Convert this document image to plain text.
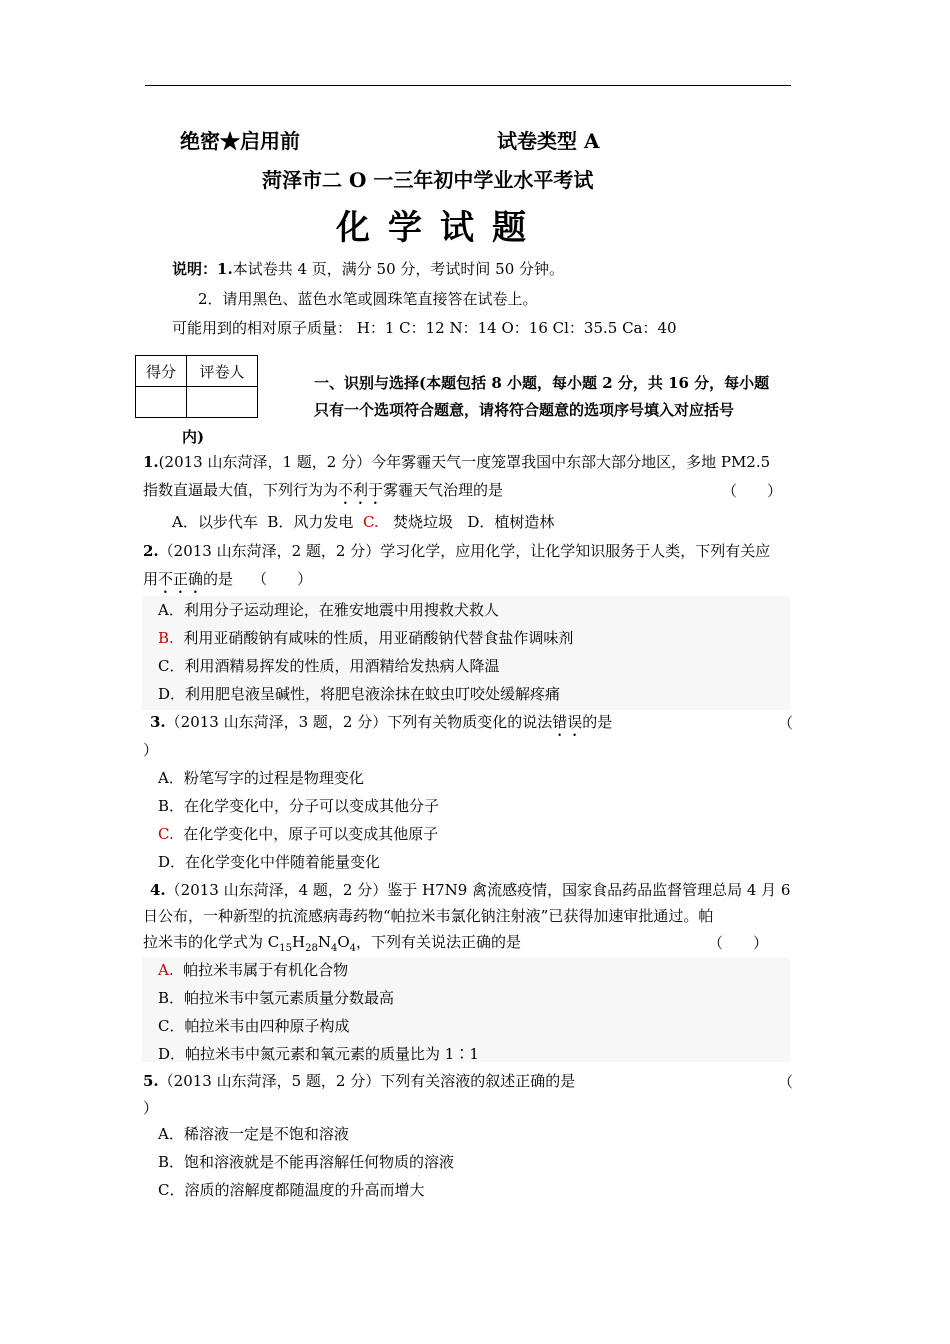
绝密★启用前	试卷类型 A
菏泽市二 O 一三年初中学业水平考试
化学试题
说明：1.本试卷共 4 页，满分 50 分，考试时间 50 分钟。
2．请用黑色、蓝色水笔或圆珠笔直接答在试卷上。
可能用到的相对原子质量： H：1 C：12 N：14 O：16 Cl：35.5 Ca：40
得分	评卷人

一、识别与选择(本题包括 8 小题，每小题 2 分，共 16 分，每小题
只有一个选项符合题意，请将符合题意的选项序号填入对应括号
内)
1.(2013 山东菏泽，1 题，2 分）今年雾霾天气一度笼罩我国中东部大部分地区，多地 PM2.5
指数直逼最大值，下列行为为不利于雾霾天气治理的是	（　　）
A．以步代车 B．风力发电 C. 焚烧垃圾 D．植树造林
2.（2013 山东菏泽，2 题，2 分）学习化学，应用化学，让化学知识服务于人类，下列有关应
用不正确的是 （　　）
A．利用分子运动理论，在雅安地震中用搜救犬救人
B. 利用亚硝酸钠有咸味的性质，用亚硝酸钠代替食盐作调味剂
C．利用酒精易挥发的性质，用酒精给发热病人降温
D．利用肥皂液呈碱性，将肥皂液涂抹在蚊虫叮咬处缓解疼痛
3.（2013 山东菏泽，3 题，2 分）下列有关物质变化的说法错误的是	（
）
A．粉笔写字的过程是物理变化
B．在化学变化中，分子可以变成其他分子
C. 在化学变化中，原子可以变成其他原子
D．在化学变化中伴随着能量变化
4.（2013 山东菏泽，4 题，2 分）鉴于 H7N9 禽流感疫情，国家食品药品监督管理总局 4 月 6
日公布，一种新型的抗流感病毒药物“帕拉米韦氯化钠注射液”已获得加速审批通过。帕
拉米韦的化学式为 $C_{15}H_{28}N_4O_4$，下列有关说法正确的是	（　　）
A. 帕拉米韦属于有机化合物
B．帕拉米韦中氢元素质量分数最高
C．帕拉米韦由四种原子构成
D．帕拉米韦中氮元素和氧元素的质量比为 1∶1
5.（2013 山东菏泽，5 题，2 分）下列有关溶液的叙述正确的是	（
）
A．稀溶液一定是不饱和溶液
B．饱和溶液就是不能再溶解任何物质的溶液
C．溶质的溶解度都随温度的升高而增大
